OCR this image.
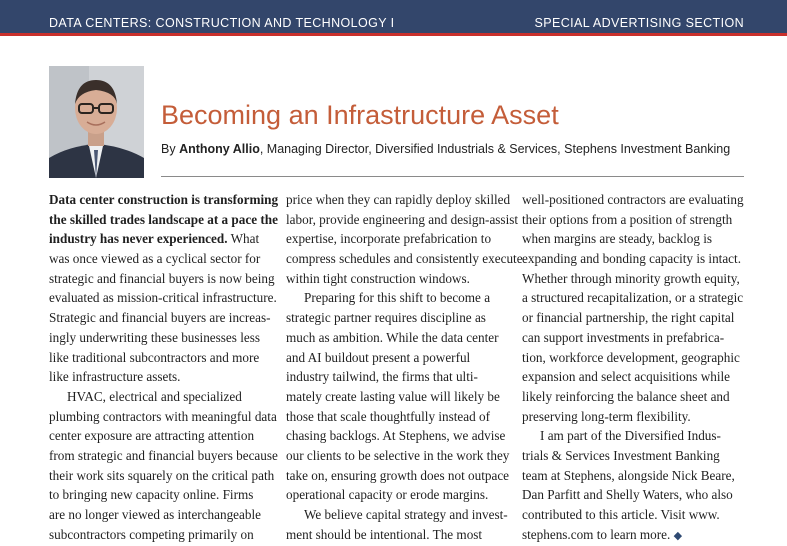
DATA CENTERS: CONSTRUCTION AND TECHNOLOGY I	SPECIAL ADVERTISING SECTION
Becoming an Infrastructure Asset
By Anthony Allio, Managing Director, Diversified Industrials & Services, Stephens Investment Banking
Data center construction is transforming
the skilled trades landscape at a pace the
industry has never experienced. What
was once viewed as a cyclical sector for
strategic and financial buyers is now being
evaluated as mission-critical infrastructure.
Strategic and financial buyers are increas-
ingly underwriting these businesses less
like traditional subcontractors and more
like infrastructure assets.
HVAC, electrical and specialized
plumbing contractors with meaningful data
center exposure are attracting attention
from strategic and financial buyers because
their work sits squarely on the critical path
to bringing new capacity online. Firms
are no longer viewed as interchangeable
subcontractors competing primarily on
price when they can rapidly deploy skilled
labor, provide engineering and design-assist
expertise, incorporate prefabrication to
compress schedules and consistently execute
within tight construction windows.
Preparing for this shift to become a
strategic partner requires discipline as
much as ambition. While the data center
and AI buildout present a powerful
industry tailwind, the firms that ulti-
mately create lasting value will likely be
those that scale thoughtfully instead of
chasing backlogs. At Stephens, we advise
our clients to be selective in the work they
take on, ensuring growth does not outpace
operational capacity or erode margins.
We believe capital strategy and invest-
ment should be intentional. The most
well-positioned contractors are evaluating
their options from a position of strength
when margins are steady, backlog is
expanding and bonding capacity is intact.
Whether through minority growth equity,
a structured recapitalization, or a strategic
or financial partnership, the right capital
can support investments in prefabrica-
tion, workforce development, geographic
expansion and select acquisitions while
likely reinforcing the balance sheet and
preserving long-term flexibility.
I am part of the Diversified Indus-
trials & Services Investment Banking
team at Stephens, alongside Nick Beare,
Dan Parfitt and Shelly Waters, who also
contributed to this article. Visit www.
stephens.com to learn more. ◆
